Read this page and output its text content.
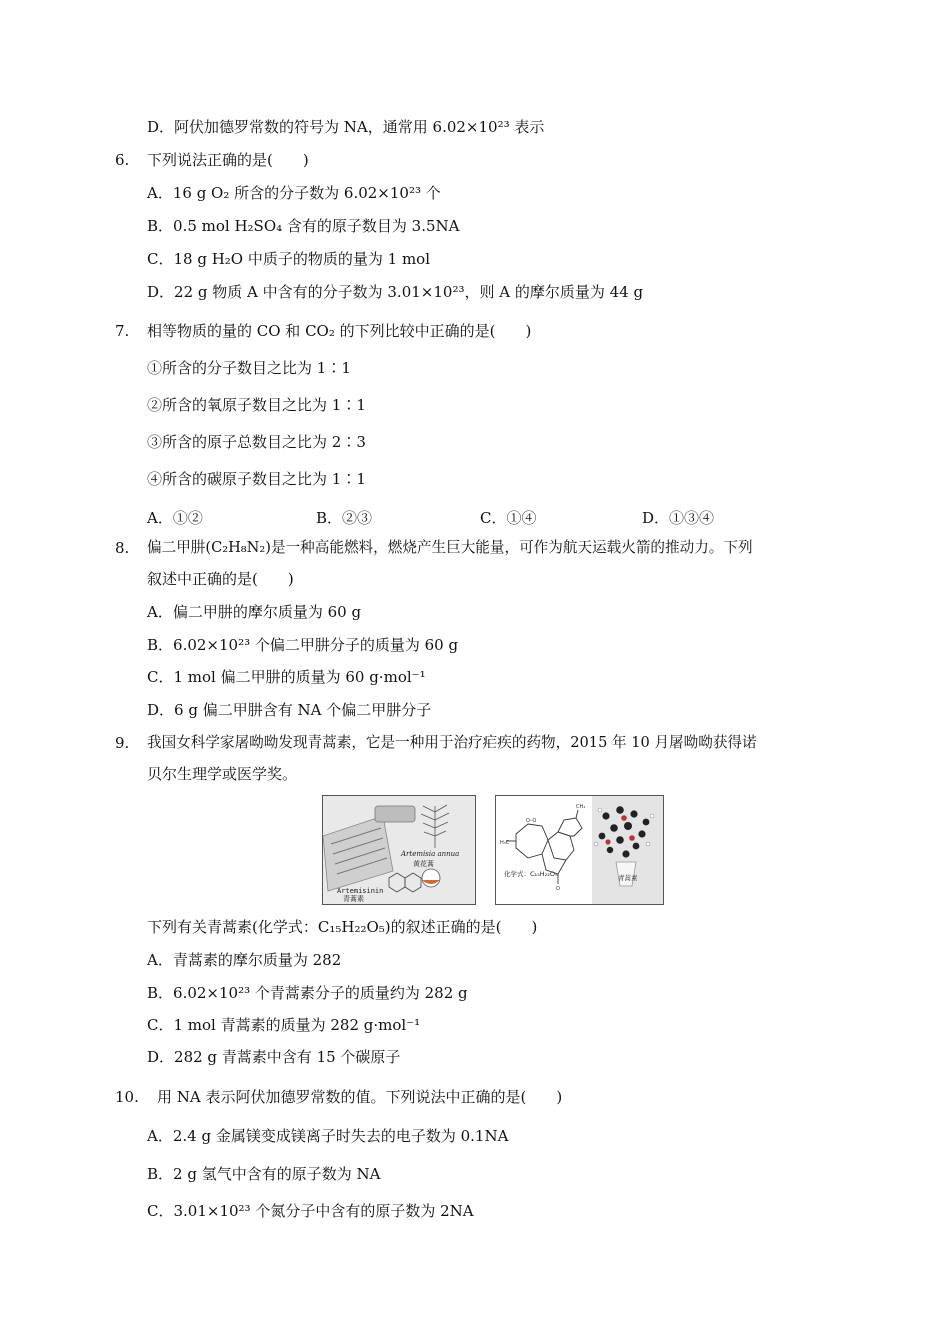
D．阿伏加德罗常数的符号为 NA，通常用 6.02×10²³ 表示
6. 下列说法正确的是(　　)
A．16 g O₂ 所含的分子数为 6.02×10²³ 个
B．0.5 mol H₂SO₄ 含有的原子数目为 3.5NA
C．18 g H₂O 中质子的物质的量为 1 mol
D．22 g 物质 A 中含有的分子数为 3.01×10²³，则 A 的摩尔质量为 44 g
7. 相等物质的量的 CO 和 CO₂ 的下列比较中正确的是(　　)
①所含的分子数目之比为 1∶1
②所含的氧原子数目之比为 1∶1
③所含的原子总数目之比为 2∶3
④所含的碳原子数目之比为 1∶1
A．①②	B．②③	C．①④	D．①③④
8. 偏二甲肼(C₂H₈N₂)是一种高能燃料，燃烧产生巨大能量，可作为航天运载火箭的推动力。下列
叙述中正确的是(　　)
A．偏二甲肼的摩尔质量为 60 g
B．6.02×10²³ 个偏二甲肼分子的质量为 60 g
C．1 mol 偏二甲肼的质量为 60 g·mol⁻¹
D．6 g 偏二甲肼含有 NA 个偏二甲肼分子
9. 我国女科学家屠呦呦发现青蒿素，它是一种用于治疗疟疾的药物，2015 年 10 月屠呦呦获得诺
贝尔生理学或医学奖。
Artemisia annua
黄花蒿
Artemisinin
青蒿素
H₃C
O–O
CH₃
O
化学式：C₁₅H₂₂O₅	青蒿素
下列有关青蒿素(化学式：C₁₅H₂₂O₅)的叙述正确的是(　　)
A．青蒿素的摩尔质量为 282
B．6.02×10²³ 个青蒿素分子的质量约为 282 g
C．1 mol 青蒿素的质量为 282 g·mol⁻¹
D．282 g 青蒿素中含有 15 个碳原子
10. 用 NA 表示阿伏加德罗常数的值。下列说法中正确的是(　　)
A．2.4 g 金属镁变成镁离子时失去的电子数为 0.1NA
B．2 g 氢气中含有的原子数为 NA
C．3.01×10²³ 个氮分子中含有的原子数为 2NA
